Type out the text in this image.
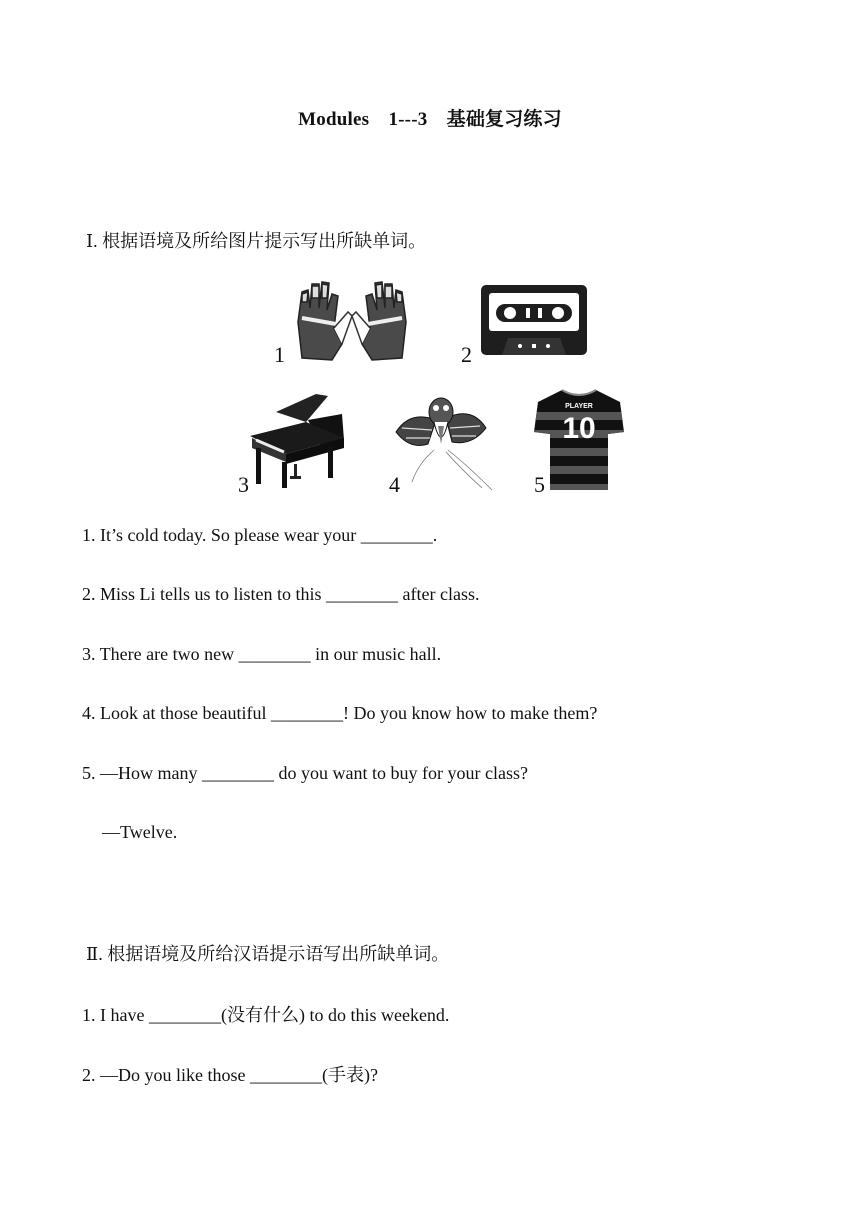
Modules　1---3　基础复习练习
Ⅰ. 根据语境及所给图片提示写出所缺单词。
1	2
3	4
PLAYER
10
5
1. It’s cold today. So please wear your ________.
2. Miss Li tells us to listen to this ________ after class.
3. There are two new ________ in our music hall.
4. Look at those beautiful ________! Do you know how to make them?
5. —How many ________ do you want to buy for your class?
—Twelve.
Ⅱ. 根据语境及所给汉语提示语写出所缺单词。
1. I have ________(没有什么) to do this weekend.
2. —Do you like those ________(手表)?
